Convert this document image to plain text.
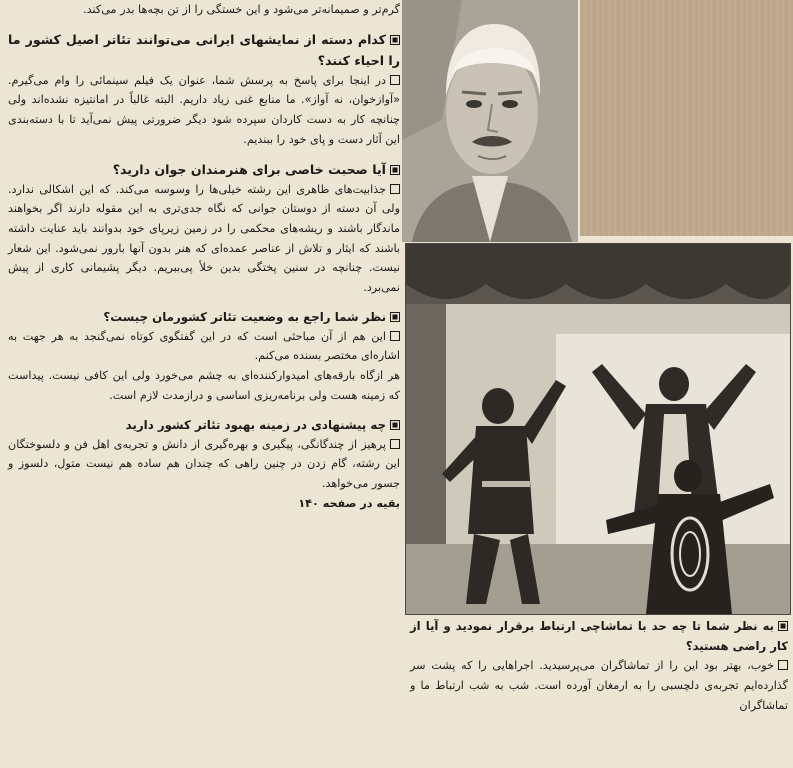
گرم‌تر و صمیمانه‌تر می‌شود و این خستگی را از تن بچه‌ها بدر می‌کند.

کدام دسته از نمایشهای ایرانی می‌توانند تئاتر اصیل کشور ما را احیاء کنند؟

در اینجا برای پاسخ به پرسش شما، عنوان یک فیلم سینمائی را وام می‌گیرم. «آوازخوان، نه آواز». ما منابع غنی زیاد داریم. البته غالباً در امانتیزه نشده‌اند ولی چنانچه کار به دست کاردان سپرده شود دیگر ضرورتی پیش نمی‌آید تا با دسته‌بندی این آثار دست و پای خود را ببندیم.

آیا صحبت خاصی برای هنرمندان جوان دارید؟

جذابیت‌های ظاهری این رشته خیلی‌ها را وسوسه می‌کند. که این اشکالی ندارد. ولی آن دسته از دوستان جوانی که نگاه جدی‌تری به این مقوله دارند اگر بخواهند ماندگار باشند و ریشه‌های محکمی را در زمین زیرپای خود بدوانند باید عنایت داشته باشند که ایثار و تلاش از عناصر عمده‌ای که هنر بدون آنها بارور نمی‌شود. این شعار نیست. چنانچه در سنین پختگی بدین خلأ پی‌ببریم. دیگر پشیمانی کاری از پیش نمی‌برد.

نظر شما راجع به وضعیت تئاتر کشورمان چیست؟

این هم از آن مباحثی است که در این گفتگوی کوتاه نمی‌گنجد به هر جهت به اشاره‌ای مختصر بسنده می‌کنم.

هر ازگاه بارقه‌های امیدوارکننده‌ای به چشم می‌خورد ولی این کافی نیست. پیداست که زمینه هست ولی برنامه‌ریزی اساسی و درازمدت لازم است.

چه پیشنهادی در زمینه بهبود تئاتر کشور دارید

پرهیز از چندگانگی، پیگیری و بهره‌گیری از دانش و تجربه‌ی اهل فن و دلسوختگان این رشته، گام زدن در چنین راهی که چندان هم ساده هم نیست متول، دلسوز و جسور می‌خواهد.

بقیه در صفحه ۱۴۰

به نظر شما تا چه حد با تماشاچی ارتباط برقرار نمودید و آیا از کار راضی هستید؟

خوب، بهتر بود این را از تماشاگران می‌پرسیدید. اجراهایی را که پشت سر گذارده‌ایم تجربه‌ی دلچسبی را به ارمغان آورده است. شب به شب ارتباط ما و تماشاگران
